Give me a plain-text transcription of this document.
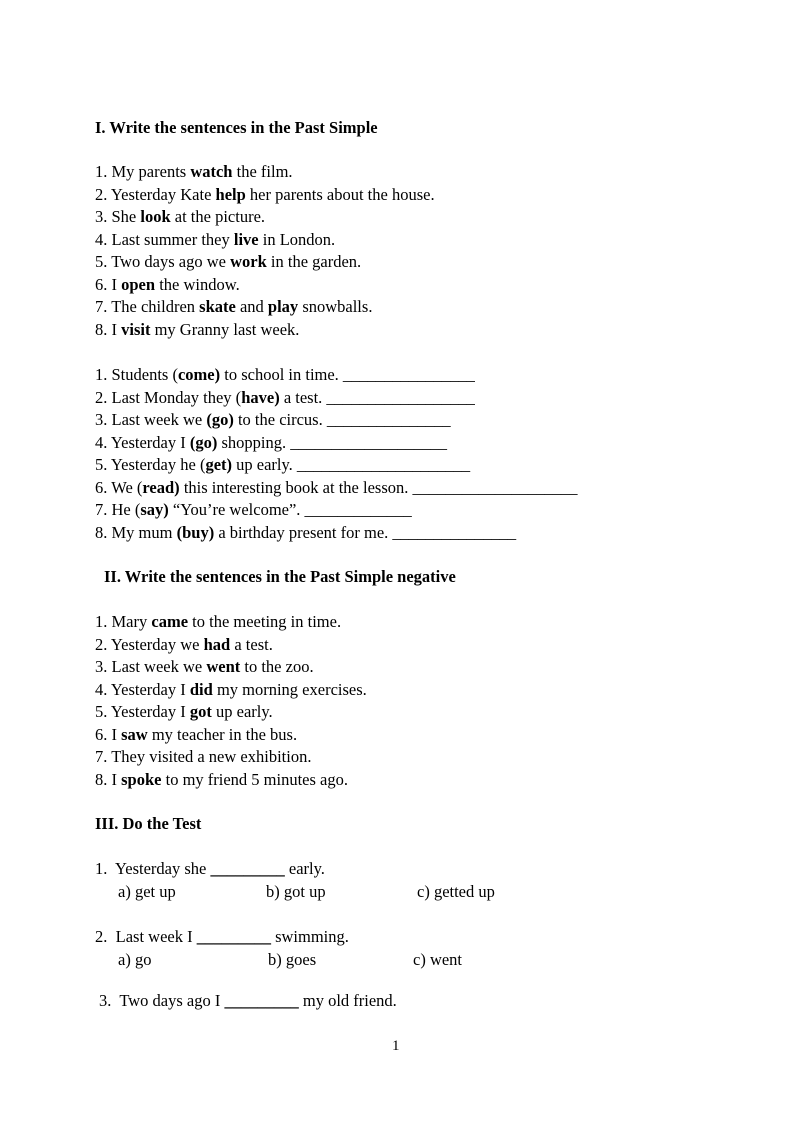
I. Write the sentences in the Past Simple
1. My parents watch the film.
2. Yesterday Kate help her parents about the house.
3. She look at the picture.
4. Last summer they live in London.
5. Two days ago we work in the garden.
6. I open the window.
7. The children skate and play snowballs.
8. I visit my Granny last week.
1. Students (come) to school in time. ________________
2. Last Monday they (have) a test. __________________
3. Last week we (go) to the circus. _______________
4. Yesterday I (go) shopping. ___________________
5. Yesterday he (get) up early. _____________________
6. We (read) this interesting book at the lesson. ____________________
7. He (say) “You’re welcome”. _____________
8. My mum (buy) a birthday present for me. _______________
II. Write the sentences in the Past Simple negative
1. Mary came to the meeting in time.
2. Yesterday we had a test.
3. Last week we went to the zoo.
4. Yesterday I did my morning exercises.
5. Yesterday I got up early.
6. I saw my teacher in the bus.
7. They visited a new exhibition.
8. I spoke to my friend 5 minutes ago.
III. Do the Test
1. Yesterday she _________ early.
a) get up	b) got up	c) getted up
2. Last week I _________ swimming.
a) go	b) goes	c) went
3. Two days ago I _________ my old friend.
1
